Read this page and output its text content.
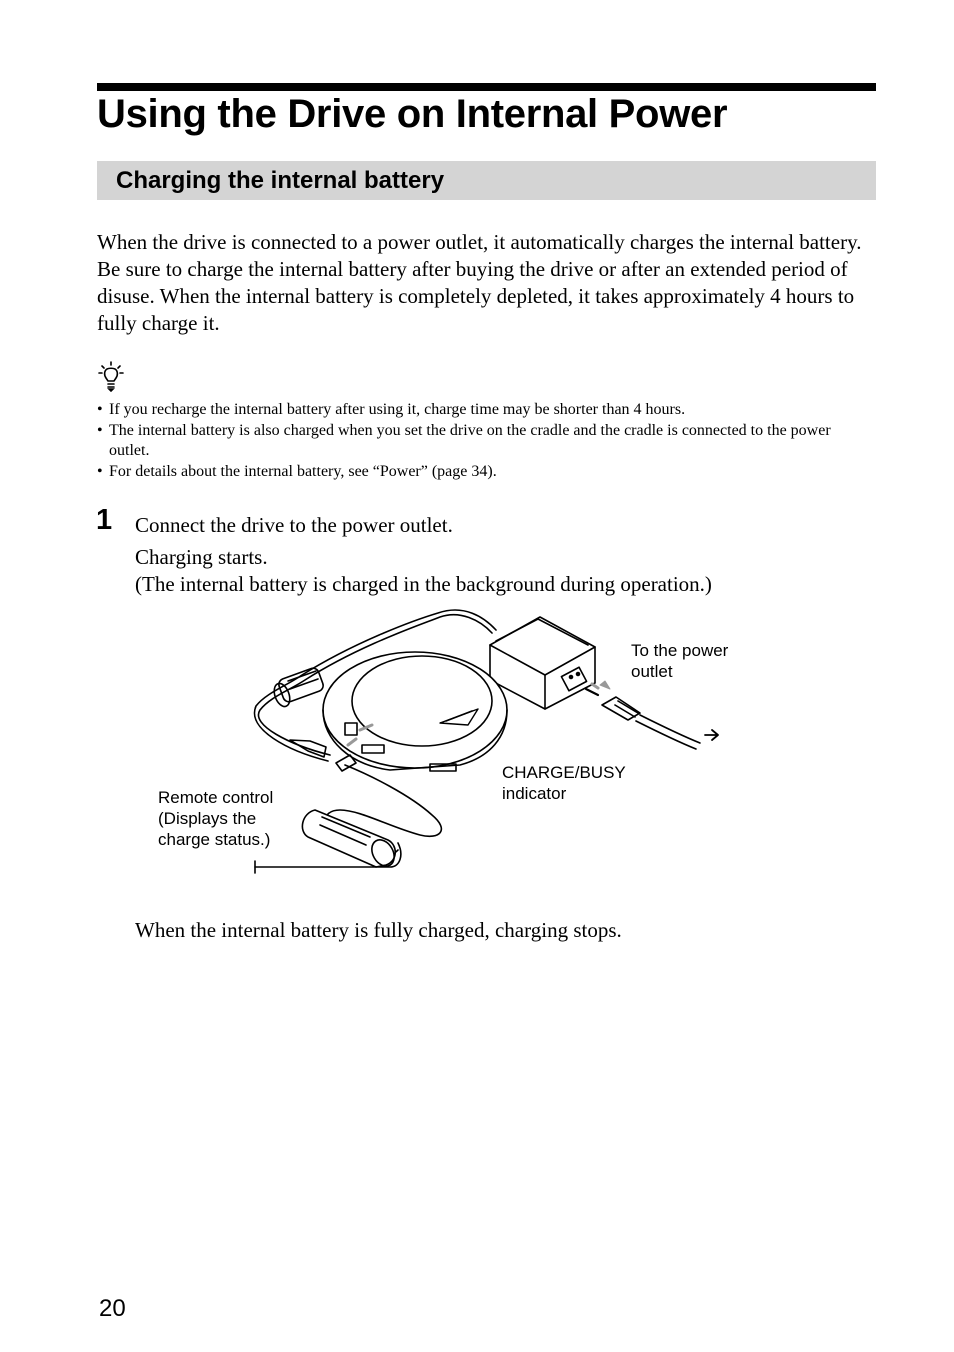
Using the Drive on Internal Power
Charging the internal battery

When the drive is connected to a power outlet, it automatically charges the internal battery. Be sure to charge the internal battery after buying the drive or after an extended period of disuse. When the internal battery is completely depleted, it takes approximately 4 hours to fully charge it.

• If you recharge the internal battery after using it, charge time may be shorter than 4 hours.
• The internal battery is also charged when you set the drive on the cradle and the cradle is connected to the power outlet.
• For details about the internal battery, see “Power” (page 34).
1 Connect the drive to the power outlet.

Charging starts.

(The internal battery is charged in the background during operation.)

To the power
outlet
CHARGE/BUSY
indicator
Remote control
(Displays the
charge status.)

When the internal battery is fully charged, charging stops.

20
